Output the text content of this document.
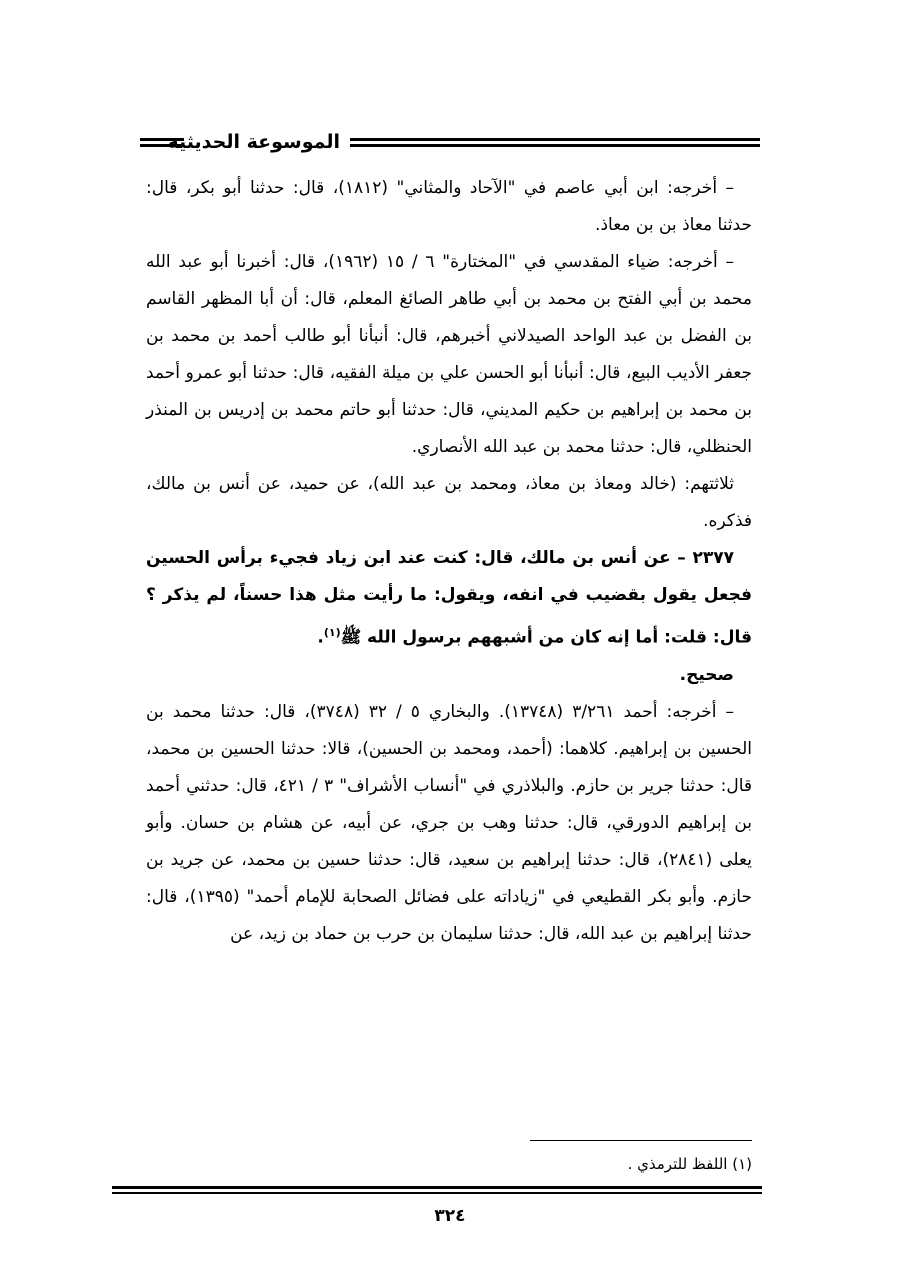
الموسوعة الحديثية

– أخرجه: ابن أبي عاصم في "الآحاد والمثاني" (١٨١٢)، قال: حدثنا أبو بكر، قال: حدثنا معاذ بن بن معاذ.

– أخرجه: ضياء المقدسي في "المختارة" ٦ / ١٥ (١٩٦٢)، قال: أخبرنا أبو عبد الله محمد بن أبي الفتح بن محمد بن أبي طاهر الصائغ المعلم، قال: أن أبا المظهر القاسم بن الفضل بن عبد الواحد الصيدلاني أخبرهم، قال: أنبأنا أبو طالب أحمد بن محمد بن جعفر الأديب البيع، قال: أنبأنا أبو الحسن علي بن ميلة الفقيه، قال: حدثنا أبو عمرو أحمد بن محمد بن إبراهيم بن حكيم المديني، قال: حدثنا أبو حاتم محمد بن إدريس بن المنذر الحنظلي، قال: حدثنا محمد بن عبد الله الأنصاري.

ثلاثتهم: (خالد ومعاذ بن معاذ، ومحمد بن عبد الله)، عن حميد، عن أنس بن مالك، فذكره.

٢٣٧٧ – عن أنس بن مالك، قال: كنت عند ابن زياد فجيء برأس الحسين فجعل يقول بقضيب في انفه، ويقول: ما رأيت مثل هذا حسناً، لم يذكر ؟ قال: قلت: أما إنه كان من أشبههم برسول الله ﷺ$^{(١)}$.

صحيح.

– أخرجه: أحمد ٣/٢٦١ (١٣٧٤٨). والبخاري ٥ / ٣٢ (٣٧٤٨)، قال: حدثنا محمد بن الحسين بن إبراهيم. كلاهما: (أحمد، ومحمد بن الحسين)، قالا: حدثنا الحسين بن محمد، قال: حدثنا جرير بن حازم. والبلاذري في "أنساب الأشراف" ٣ / ٤٢١، قال: حدثني أحمد بن إبراهيم الدورقي، قال: حدثنا وهب بن جري، عن أبيه، عن هشام بن حسان. وأبو يعلى (٢٨٤١)، قال: حدثنا إبراهيم بن سعيد، قال: حدثنا حسين بن محمد، عن جريد بن حازم. وأبو بكر القطيعي في "زياداته على فضائل الصحابة للإمام أحمد" (١٣٩٥)، قال: حدثنا إبراهيم بن عبد الله، قال: حدثنا سليمان بن حرب بن حماد بن زيد، عن

(١) اللفظ للترمذي .
٣٢٤
